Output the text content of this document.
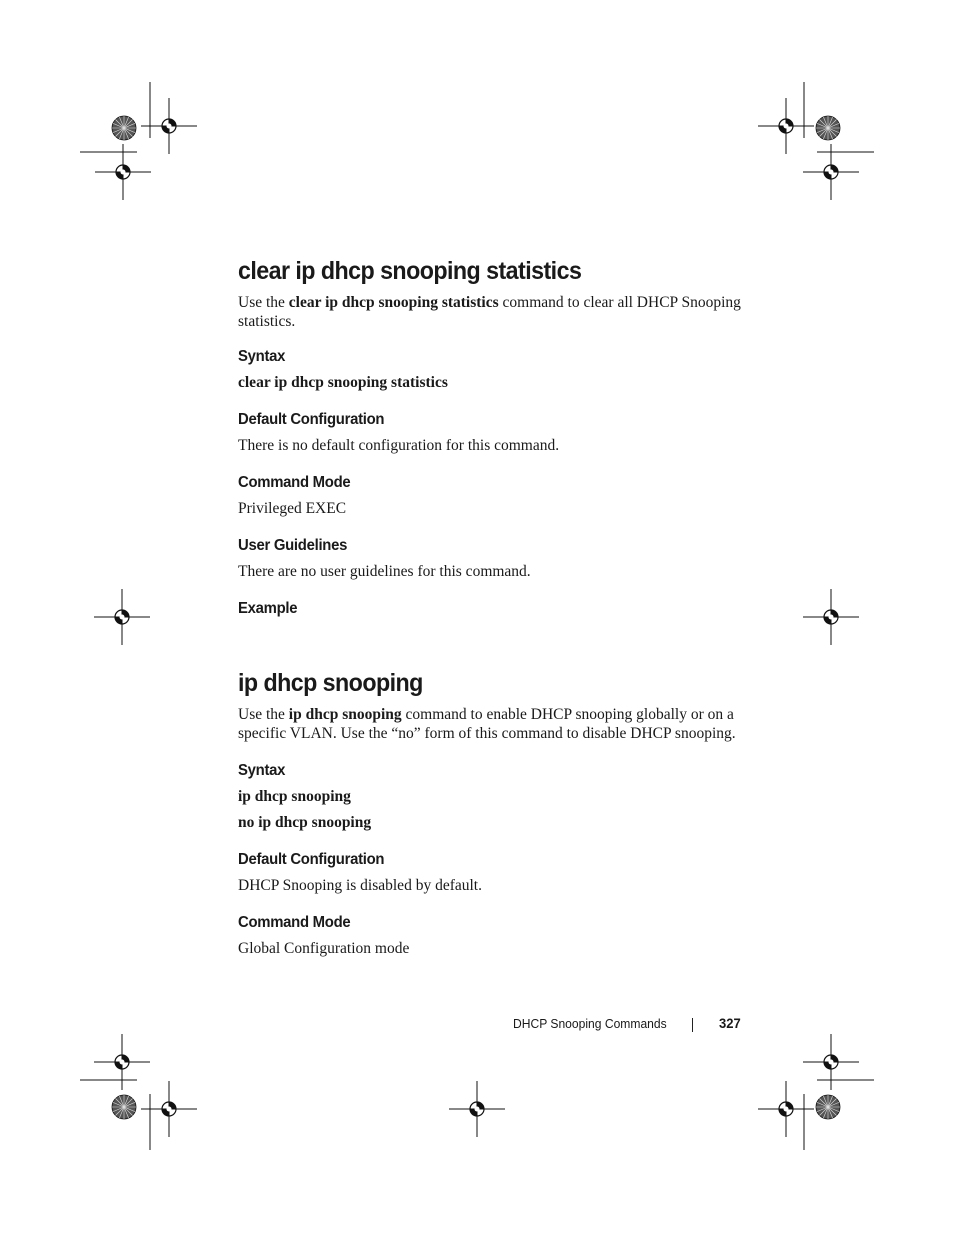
clear ip dhcp snooping statistics

Use the clear ip dhcp snooping statistics command to clear all DHCP Snooping statistics.

Syntax

clear ip dhcp snooping statistics

Default Configuration

There is no default configuration for this command.

Command Mode

Privileged EXEC

User Guidelines

There are no user guidelines for this command.

Example
ip dhcp snooping

Use the ip dhcp snooping command to enable DHCP snooping globally or on a specific VLAN. Use the “no” form of this command to disable DHCP snooping.

Syntax

ip dhcp snooping

no ip dhcp snooping

Default Configuration

DHCP Snooping is disabled by default.

Command Mode

Global Configuration mode

DHCP Snooping Commands	327
